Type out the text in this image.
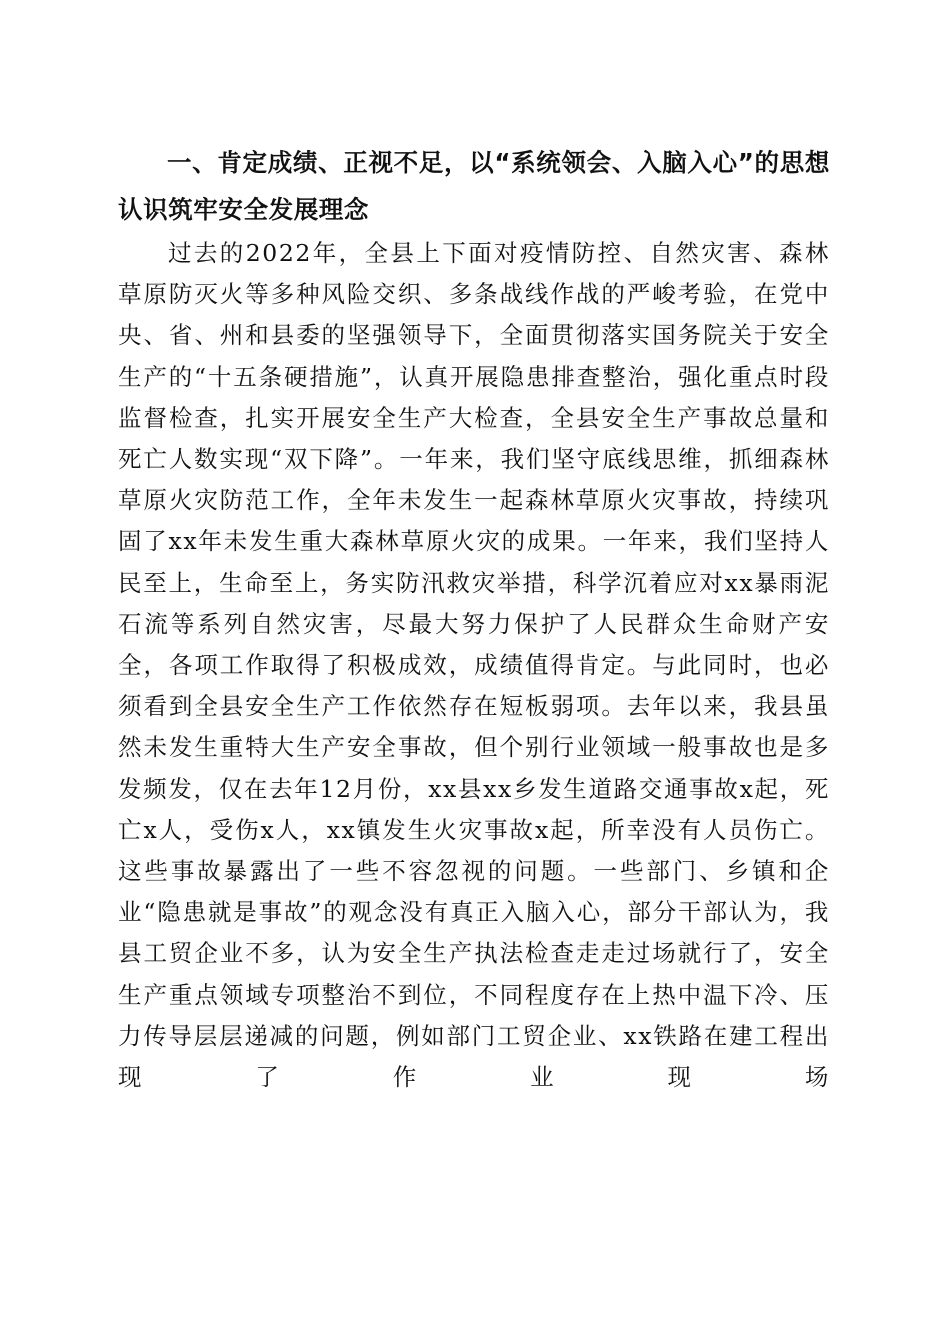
一、肯定成绩、正视不足，以“系统领会、入脑入心”的思想认识筑牢安全发展理念

过去的2022年，全县上下面对疫情防控、自然灾害、森林草原防灭火等多种风险交织、多条战线作战的严峻考验，在党中央、省、州和县委的坚强领导下，全面贯彻落实国务院关于安全生产的“十五条硬措施”，认真开展隐患排查整治，强化重点时段监督检查，扎实开展安全生产大检查，全县安全生产事故总量和死亡人数实现“双下降”。一年来，我们坚守底线思维，抓细森林草原火灾防范工作，全年未发生一起森林草原火灾事故，持续巩固了xx年未发生重大森林草原火灾的成果。一年来，我们坚持人民至上，生命至上，务实防汛救灾举措，科学沉着应对xx暴雨泥石流等系列自然灾害，尽最大努力保护了人民群众生命财产安全，各项工作取得了积极成效，成绩值得肯定。与此同时，也必须看到全县安全生产工作依然存在短板弱项。去年以来，我县虽然未发生重特大生产安全事故，但个别行业领域一般事故也是多发频发，仅在去年12月份，xx县xx乡发生道路交通事故x起，死亡x人，受伤x人，xx镇发生火灾事故x起，所幸没有人员伤亡。这些事故暴露出了一些不容忽视的问题。一些部门、乡镇和企业“隐患就是事故”的观念没有真正入脑入心，部分干部认为，我县工贸企业不多，认为安全生产执法检查走走过场就行了，安全生产重点领域专项整治不到位，不同程度存在上热中温下冷、压力传导层层递减的问题，例如部门工贸企业、xx铁路在建工程出现了作业现场
